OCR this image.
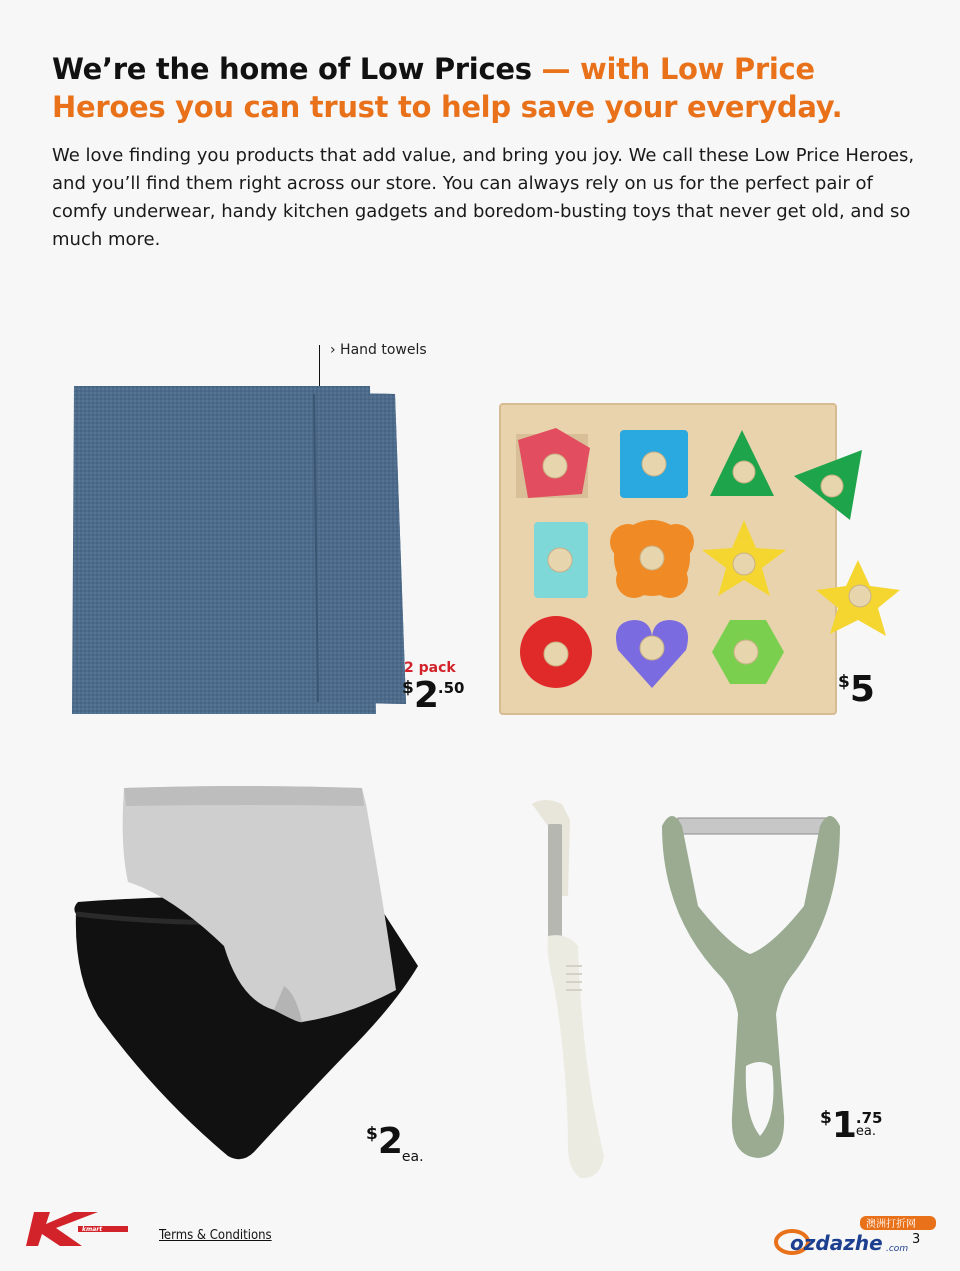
We’re the home of Low Prices — with Low Price Heroes you can trust to help save your everyday.

We love finding you products that add value, and bring you joy. We call these Low Price Heroes, and you’ll find them right across our store. You can always rely on us for the perfect pair of comfy underwear, handy kitchen gadgets and boredom-busting toys that never get old, and so much more.

› Hand towels
2 pack
$2.50	$5
$2ea.
$1 .75
ea.
kmart	Terms & Conditions
澳洲打折网
ozdazhe .com
3
